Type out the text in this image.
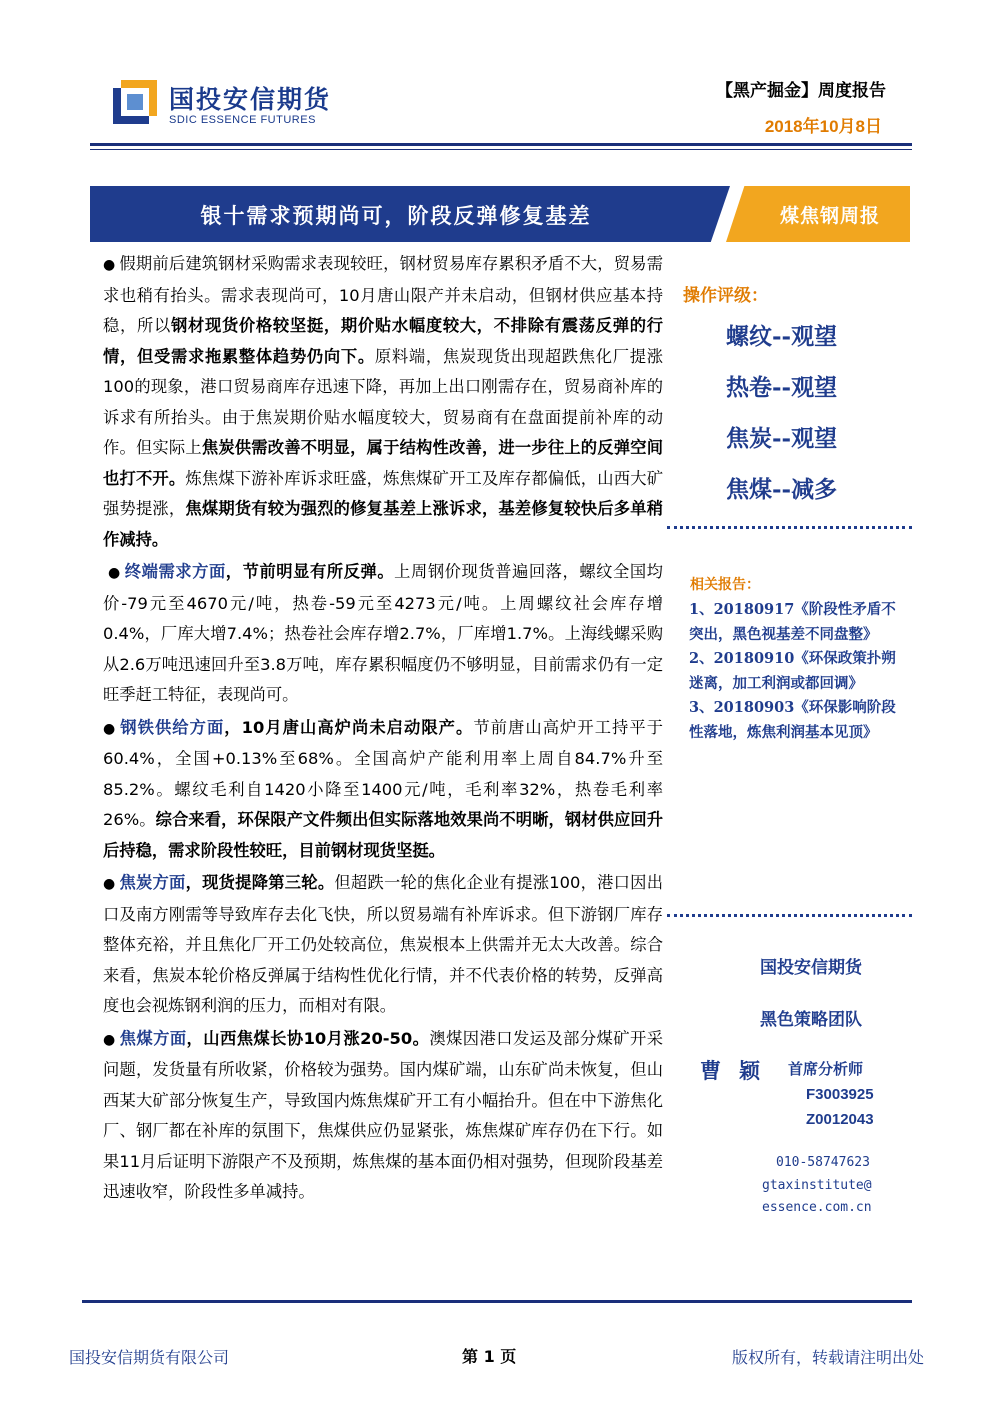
国投安信期货
SDIC ESSENCE FUTURES
【黑产掘金】周度报告
2018年10月8日
银十需求预期尚可，阶段反弹修复基差	煤焦钢周报

● 假期前后建筑钢材采购需求表现较旺，钢材贸易库存累积矛盾不大，贸易需求也稍有抬头。需求表现尚可，10月唐山限产并未启动，但钢材供应基本持稳，所以钢材现货价格较坚挺，期价贴水幅度较大，不排除有震荡反弹的行情，但受需求拖累整体趋势仍向下。原料端，焦炭现货出现超跌焦化厂提涨100的现象，港口贸易商库存迅速下降，再加上出口刚需存在，贸易商补库的诉求有所抬头。由于焦炭期价贴水幅度较大，贸易商有在盘面提前补库的动作。但实际上焦炭供需改善不明显，属于结构性改善，进一步往上的反弹空间也打不开。炼焦煤下游补库诉求旺盛，炼焦煤矿开工及库存都偏低，山西大矿强势提涨，焦煤期货有较为强烈的修复基差上涨诉求，基差修复较快后多单稍作减持。

● 终端需求方面，节前明显有所反弹。上周钢价现货普遍回落，螺纹全国均价-79元至4670元/吨，热卷-59元至4273元/吨。上周螺纹社会库存增0.4%，厂库大增7.4%；热卷社会库存增2.7%，厂库增1.7%。上海线螺采购从2.6万吨迅速回升至3.8万吨，库存累积幅度仍不够明显，目前需求仍有一定旺季赶工特征，表现尚可。

● 钢铁供给方面，10月唐山高炉尚未启动限产。节前唐山高炉开工持平于60.4%，全国+0.13%至68%。全国高炉产能利用率上周自84.7%升至85.2%。螺纹毛利自1420小降至1400元/吨，毛利率32%，热卷毛利率26%。综合来看，环保限产文件频出但实际落地效果尚不明晰，钢材供应回升后持稳，需求阶段性较旺，目前钢材现货坚挺。

● 焦炭方面，现货提降第三轮。但超跌一轮的焦化企业有提涨100，港口因出口及南方刚需等导致库存去化飞快，所以贸易端有补库诉求。但下游钢厂库存整体充裕，并且焦化厂开工仍处较高位，焦炭根本上供需并无太大改善。综合来看，焦炭本轮价格反弹属于结构性优化行情，并不代表价格的转势，反弹高度也会视炼钢利润的压力，而相对有限。

● 焦煤方面，山西焦煤长协10月涨20-50。澳煤因港口发运及部分煤矿开采问题，发货量有所收紧，价格较为强势。国内煤矿端，山东矿尚未恢复，但山西某大矿部分恢复生产，导致国内炼焦煤矿开工有小幅抬升。但在中下游焦化厂、钢厂都在补库的氛围下，焦煤供应仍显紧张，炼焦煤矿库存仍在下行。如果11月后证明下游限产不及预期，炼焦煤的基本面仍相对强势，但现阶段基差迅速收窄，阶段性多单减持。

操作评级：
螺纹--观望
热卷--观望
焦炭--观望
焦煤--减多
相关报告：
1、20180917《阶段性矛盾不突出，黑色视基差不同盘整》
2、20180910《环保政策扑朔迷离，加工利润或都回调》
3、20180903《环保影响阶段性落地，炼焦利润基本见顶》
国投安信期货
黑色策略团队
曹颖 首席分析师
F3003925
Z0012043
010-58747623
gtaxinstitute@
essence.com.cn
国投安信期货有限公司	第 1 页	版权所有，转载请注明出处
